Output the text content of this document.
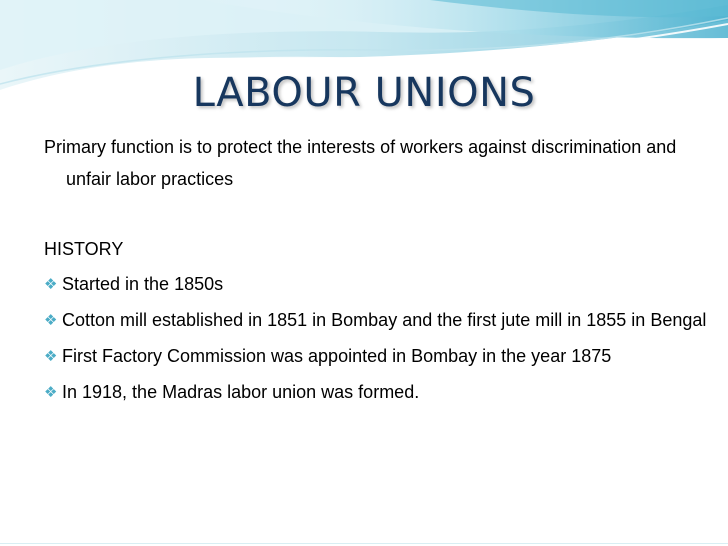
LABOUR UNIONS

Primary function is to protect the interests of workers against discrimination and unfair labor practices

HISTORY

❖ Started in the 1850s

❖ Cotton mill established in 1851 in Bombay and the first jute mill in 1855 in Bengal

❖ First Factory Commission was appointed in Bombay in the year 1875

❖ In 1918, the Madras labor union was formed.
